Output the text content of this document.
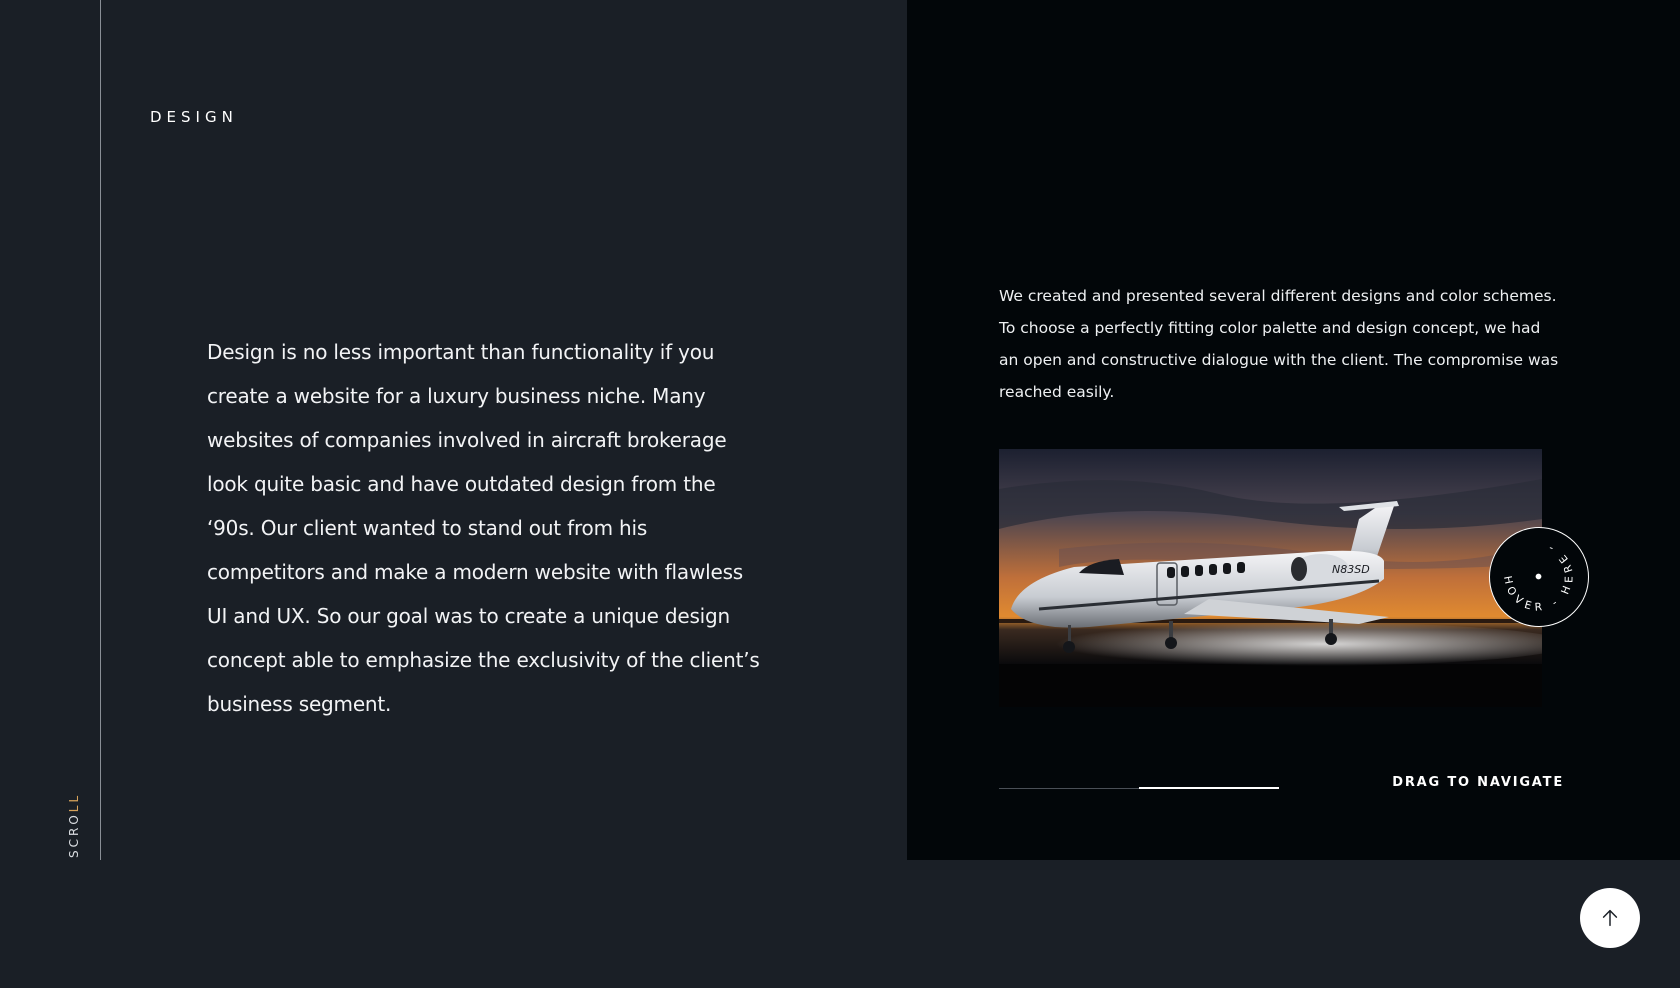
SCROLL
DESIGN

Design is no less important than functionality if you create a website for a luxury business niche. Many websites of companies involved in aircraft brokerage look quite basic and have outdated design from the ‘90s. Our client wanted to stand out from his competitors and make a modern website with flawless UI and UX. So our goal was to create a unique design concept able to emphasize the exclusivity of the client’s business segment.

We created and presented several different designs and color schemes. To choose a perfectly fitting color palette and design concept, we had an open and constructive dialogue with the client. The compromise was reached easily.

N83SD
HOVER - HERE -
DRAG TO NAVIGATE
